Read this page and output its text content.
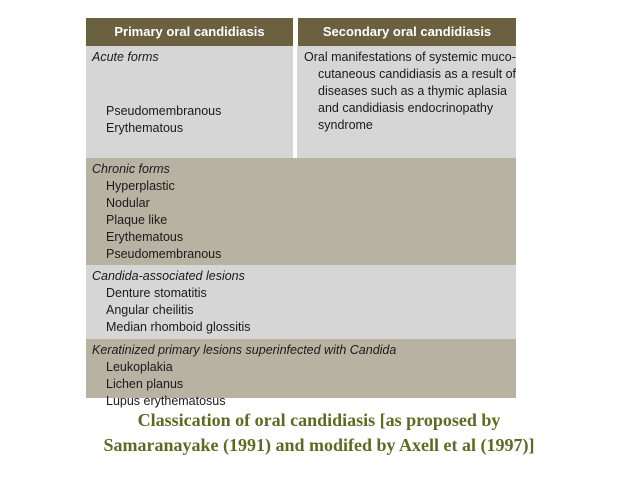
Primary oral candidiasis	Secondary oral candidiasis
Acute forms
Pseudomembranous
Erythematous
Oral manifestations of systemic muco-
cutaneous candidiasis as a result of
diseases such as a thymic aplasia
and candidiasis endocrinopathy
syndrome
Chronic forms
Hyperplastic
Nodular
Plaque like
Erythematous
Pseudomembranous
Candida-associated lesions
Denture stomatitis
Angular cheilitis
Median rhomboid glossitis
Keratinized primary lesions superinfected with Candida
Leukoplakia
Lichen planus
Lupus erythematosus
Classication of oral candidiasis [as proposed by
Samaranayake (1991) and modifed by Axell et al (1997)]
